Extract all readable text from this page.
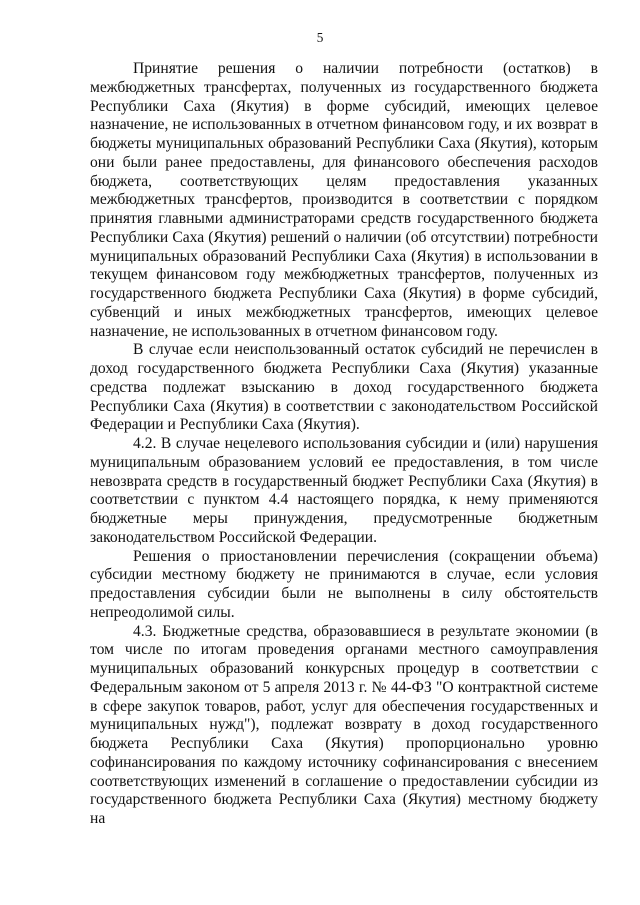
5

Принятие решения о наличии потребности (остатков) в межбюджетных трансфертах, полученных из государственного бюджета Республики Саха (Якутия) в форме субсидий, имеющих целевое назначение, не использованных в отчетном финансовом году, и их возврат в бюджеты муниципальных образований Республики Саха (Якутия), которым они были ранее предоставлены, для финансового обеспечения расходов бюджета, соответствующих целям предоставления указанных межбюджетных трансфертов, производится в соответствии с порядком принятия главными администраторами средств государственного бюджета Республики Саха (Якутия) решений о наличии (об отсутствии) потребности муниципальных образований Республики Саха (Якутия) в использовании в текущем финансовом году межбюджетных трансфертов, полученных из государственного бюджета Республики Саха (Якутия) в форме субсидий, субвенций и иных межбюджетных трансфертов, имеющих целевое назначение, не использованных в отчетном финансовом году.

В случае если неиспользованный остаток субсидий не перечислен в доход государственного бюджета Республики Саха (Якутия) указанные средства подлежат взысканию в доход государственного бюджета Республики Саха (Якутия) в соответствии с законодательством Российской Федерации и Республики Саха (Якутия).

4.2. В случае нецелевого использования субсидии и (или) нарушения муниципальным образованием условий ее предоставления, в том числе невозврата средств в государственный бюджет Республики Саха (Якутия) в соответствии с пунктом 4.4 настоящего порядка, к нему применяются бюджетные меры принуждения, предусмотренные бюджетным законодательством Российской Федерации.

Решения о приостановлении перечисления (сокращении объема) субсидии местному бюджету не принимаются в случае, если условия предоставления субсидии были не выполнены в силу обстоятельств непреодолимой силы.

4.3. Бюджетные средства, образовавшиеся в результате экономии (в том числе по итогам проведения органами местного самоуправления муниципальных образований конкурсных процедур в соответствии с Федеральным законом от 5 апреля 2013 г. № 44-ФЗ "О контрактной системе в сфере закупок товаров, работ, услуг для обеспечения государственных и муниципальных нужд"), подлежат возврату в доход государственного бюджета Республики Саха (Якутия) пропорционально уровню софинансирования по каждому источнику софинансирования с внесением соответствующих изменений в соглашение о предоставлении субсидии из государственного бюджета Республики Саха (Якутия) местному бюджету на
